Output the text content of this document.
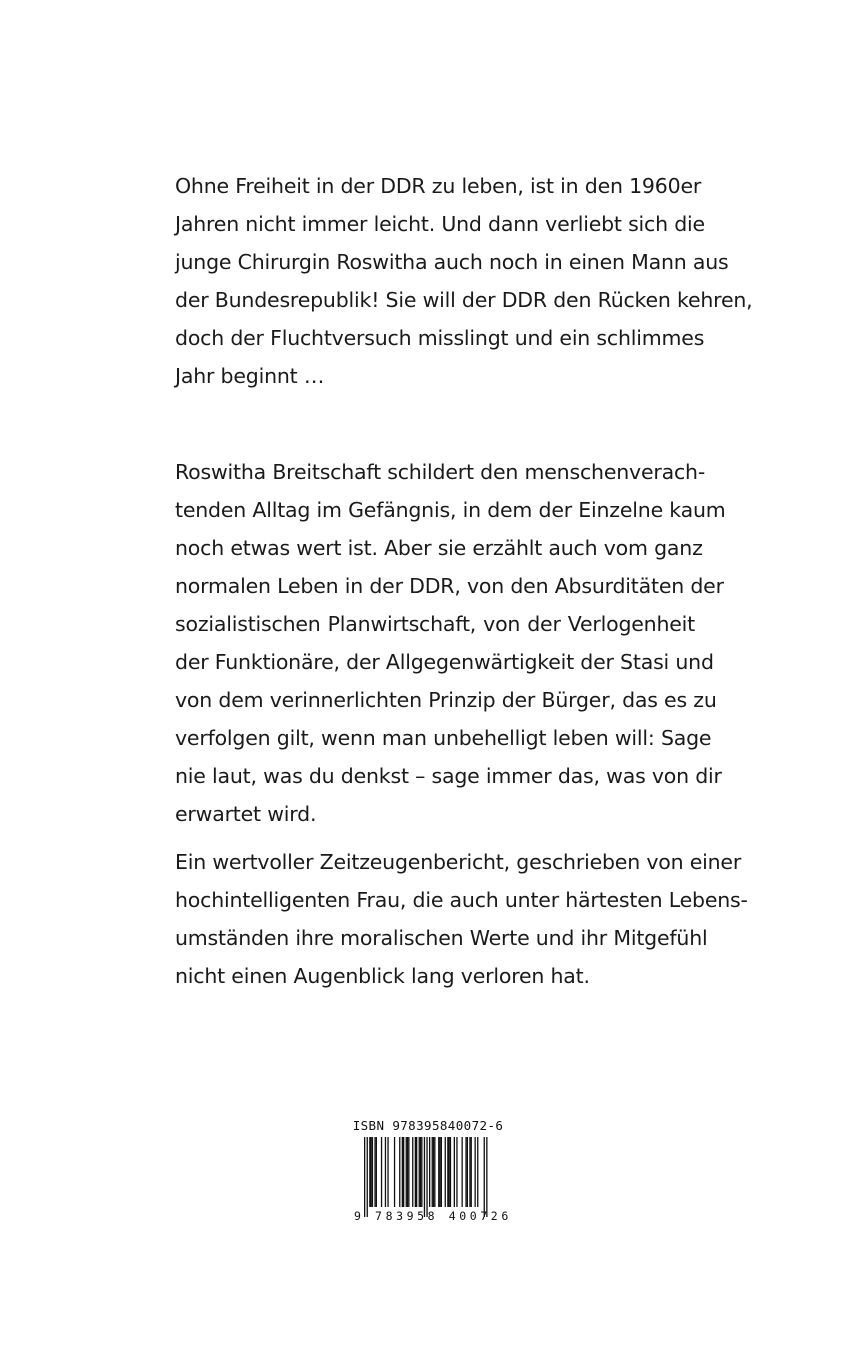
Ohne Freiheit in der DDR zu leben, ist in den 1960er
Jahren nicht immer leicht. Und dann verliebt sich die
junge Chirurgin Roswitha auch noch in einen Mann aus
der Bundesrepublik! Sie will der DDR den Rücken kehren,
doch der Fluchtversuch misslingt und ein schlimmes
Jahr beginnt …
Roswitha Breitschaft schildert den menschenverach-
tenden Alltag im Gefängnis, in dem der Einzelne kaum
noch etwas wert ist. Aber sie erzählt auch vom ganz
normalen Leben in der DDR, von den Absurditäten der
sozialistischen Planwirtschaft, von der Verlogenheit
der Funktionäre, der Allgegenwärtigkeit der Stasi und
von dem verinnerlichten Prinzip der Bürger, das es zu
verfolgen gilt, wenn man unbehelligt leben will: Sage
nie laut, was du denkst – sage immer das, was von dir
erwartet wird.
Ein wertvoller Zeitzeugenbericht, geschrieben von einer
hochintelligenten Frau, die auch unter härtesten Lebens-
umständen ihre moralischen Werte und ihr Mitgefühl
nicht einen Augenblick lang verloren hat.
ISBN 978395840072-6
9 783958 400726
